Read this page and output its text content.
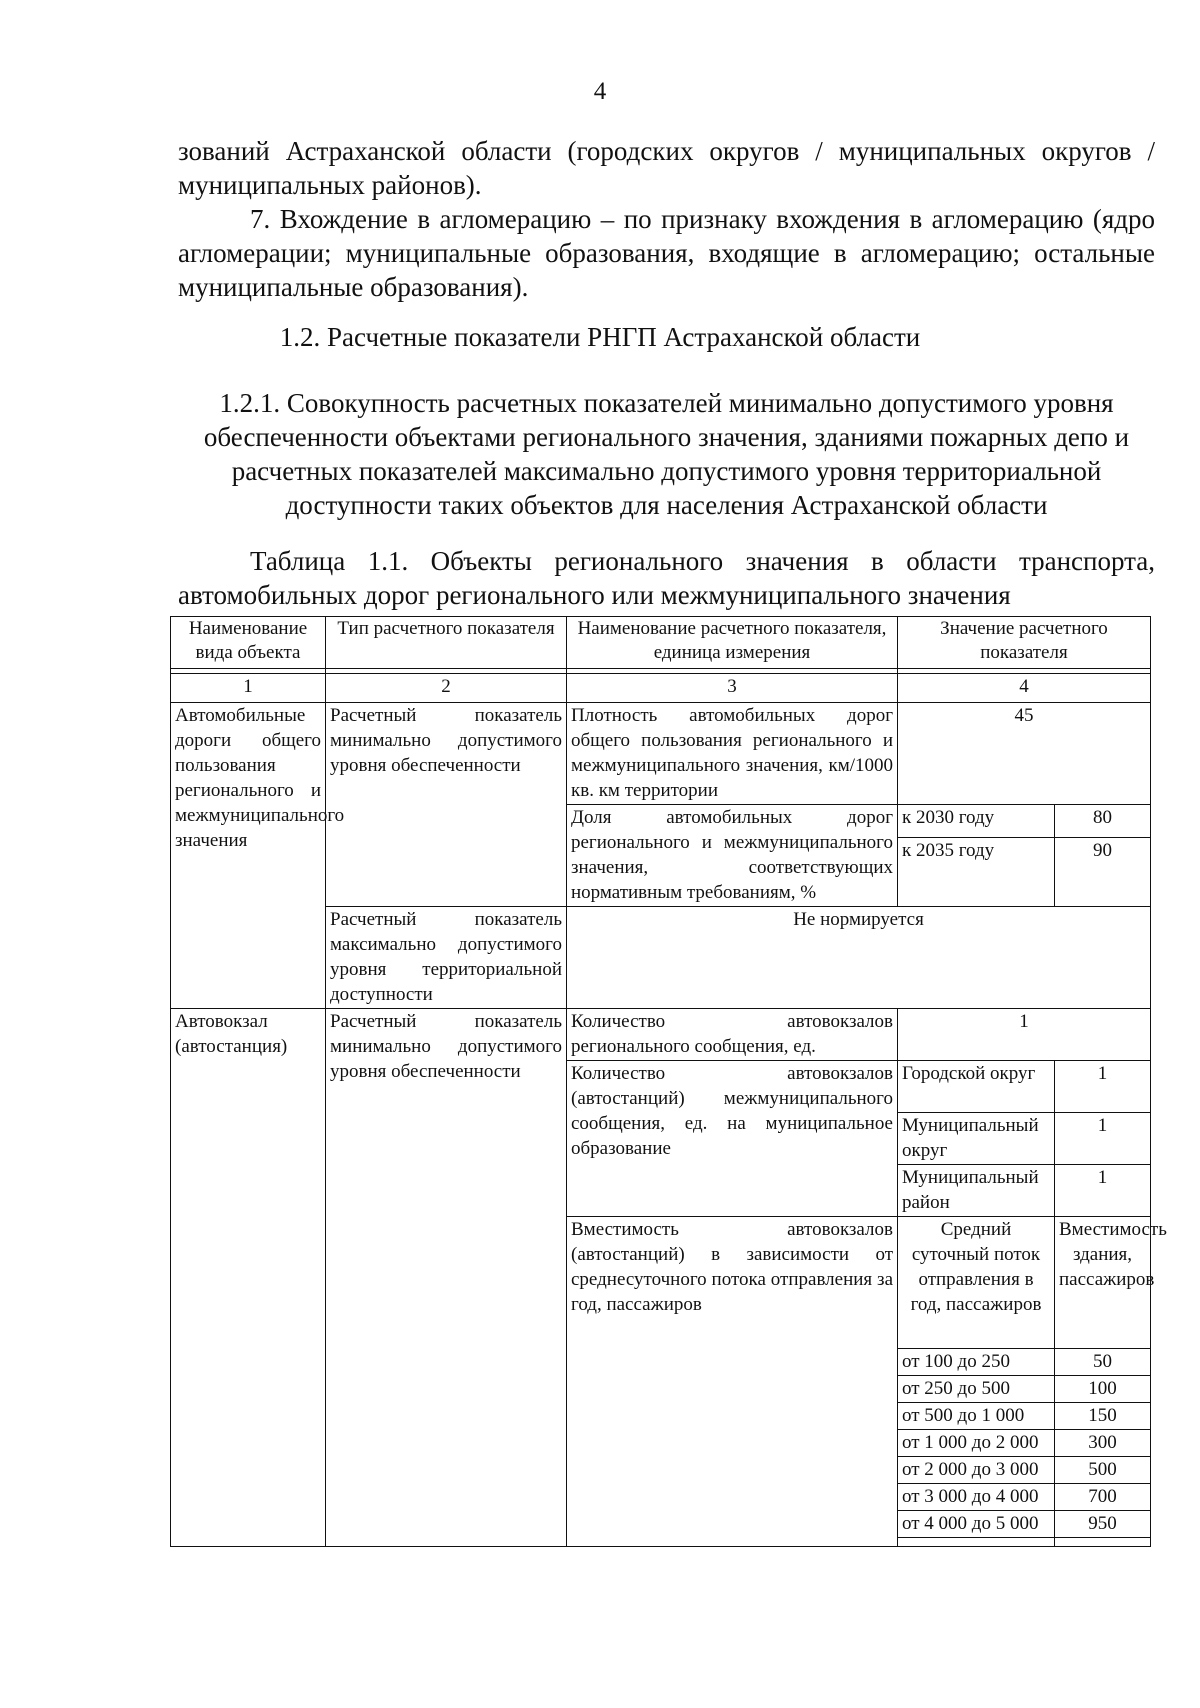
4
зований Астраханской области (городских округов / муниципальных округов / муниципальных районов).
7. Вхождение в агломерацию – по признаку вхождения в агломерацию (ядро агломерации; муниципальные образования, входящие в агломерацию; остальные муниципальные образования).
1.2. Расчетные показатели РНГП Астраханской области
1.2.1. Совокупность расчетных показателей минимально допустимого уровня обеспеченности объектами регионального значения, зданиями пожарных депо и расчетных показателей максимально допустимого уровня территориальной доступности таких объектов для населения Астраханской области
Таблица 1.1. Объекты регионального значения в области транспорта, автомобильных дорог регионального или межмуниципального значения
Наименование вида объекта	Тип расчетного показателя	Наименование расчетного показателя, единица измерения	Значение расчетного показателя	

1	2	3	4	
Автомобильные дороги общего пользования регионального и межмуниципального значения	Расчетный показатель минимально допустимого уровня обеспеченности	Плотность автомобильных дорог общего пользования регионального и межмуниципального значения, км/1000 кв. км территории	45	
		Доля автомобильных дорог регионального и межмуниципального значения, соответствующих нормативным требованиям, %	к 2030 году	80
			к 2035 году	90
	Расчетный показатель максимально допустимого уровня территориальной доступности	Не нормируется		
Автовокзал (автостанция)	Расчетный показатель минимально допустимого уровня обеспеченности	Количество автовокзалов регионального сообщения, ед.	1	
		Количество автовокзалов (автостанций) межмуниципального сообщения, ед. на муниципальное образование	Городской округ	1
			Муниципальный округ	1
			Муниципальный район	1
		Вместимость автовокзалов (автостанций) в зависимости от среднесуточного потока отправления за год, пассажиров	Средний суточный поток отправления в год, пассажиров	Вместимость здания, пассажиров
			от 100 до 250	50
			от 250 до 500	100
			от 500 до 1 000	150
			от 1 000 до 2 000	300
			от 2 000 до 3 000	500
			от 3 000 до 4 000	700
			от 4 000 до 5 000	950
